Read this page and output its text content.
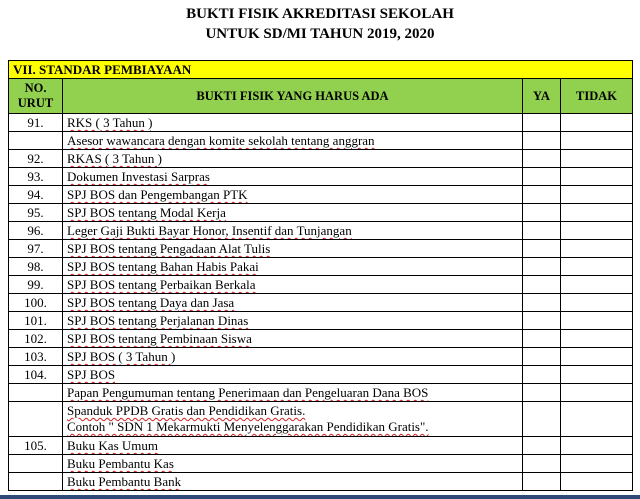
BUKTI FISIK AKREDITASI SEKOLAH
UNTUK SD/MI TAHUN 2019, 2020
VII. STANDAR PEMBIAYAAN			
NO.
URUT	BUKTI FISIK YANG HARUS ADA	YA	TIDAK
91.	RKS ( 3 Tahun )		
	Asesor wawancara dengan komite sekolah tentang anggran		
92.	RKAS ( 3 Tahun )		
93.	Dokumen Investasi Sarpras		
94.	SPJ BOS dan Pengembangan PTK		
95.	SPJ BOS tentang Modal Kerja		
96.	Leger Gaji Bukti Bayar Honor, Insentif dan Tunjangan		
97.	SPJ BOS tentang Pengadaan Alat Tulis		
98.	SPJ BOS tentang Bahan Habis Pakai		
99.	SPJ BOS tentang Perbaikan Berkala		
100.	SPJ BOS tentang Daya dan Jasa		
101.	SPJ BOS tentang Perjalanan Dinas		
102.	SPJ BOS tentang Pembinaan Siswa		
103.	SPJ BOS ( 3 Tahun )		
104.	SPJ BOS		
	Papan Pengumuman tentang Penerimaan dan Pengeluaran Dana BOS		
	Spanduk PPDB Gratis dan Pendidikan Gratis.
Contoh " SDN 1 Mekarmukti Menyelenggarakan Pendidikan Gratis".		
105.	Buku Kas Umum		
	Buku Pembantu Kas		
	Buku Pembantu Bank		
